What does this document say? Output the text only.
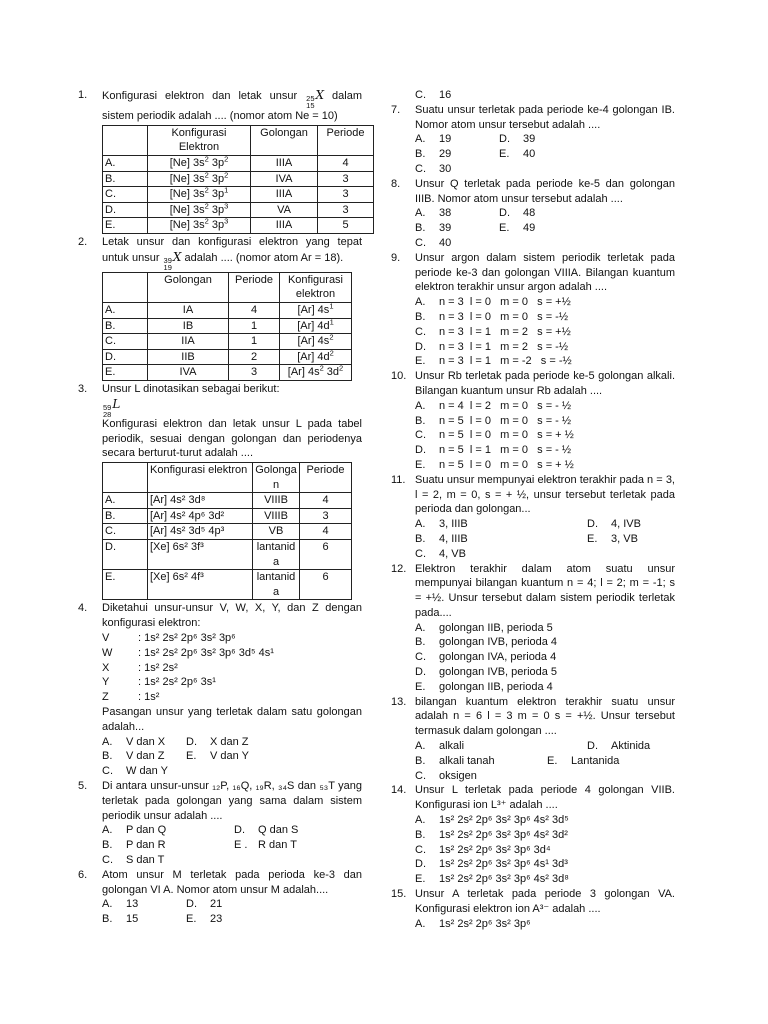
1. Konfigurasi elektron dan letak unsur 25
15
X dalam sistem periodik adalah .... (nomor atom Ne = 10)
	Konfigurasi Elektron	Golongan	Periode
A.	[Ne] $3s^2$ $3p^2$	IIIA	4
B.	[Ne] $3s^2$ $3p^2$	IVA	3
C.	[Ne] $3s^2$ $3p^1$	IIIA	3
D.	[Ne] $3s^2$ $3p^3$	VA	3
E.	[Ne] $3s^2$ $3p^3$	IIIA	5
2. Letak unsur dan konfigurasi elektron yang tepat untuk unsur 39
19
X adalah .... (nomor atom Ar = 18).
	Golongan	Periode	Konfigurasi elektron
A.	IA	4	[Ar] $4s^1$
B.	IB	1	[Ar] $4d^1$
C.	IIA	1	[Ar] $4s^2$
D.	IIB	2	[Ar] $4d^2$
E.	IVA	3	[Ar] $4s^2$ $3d^2$
3. Unsur L dinotasikan sebagai berikut:
59
28
L
Konfigurasi elektron dan letak unsur L pada tabel periodik, sesuai dengan golongan dan periodenya secara berturut-turut adalah ....
	Konfigurasi elektron	Golongan	Periode
A.	[Ar] 4s² 3d⁸	VIIIB	4
B.	[Ar] 4s² 4p⁶ 3d²	VIIIB	3
C.	[Ar] 4s² 3d⁵ 4p³	VB	4
D.	[Xe] 6s² 3f³	lantanida	6
E.	[Xe] 6s² 4f³	lantanida	6
4. Diketahui unsur-unsur V, W, X, Y, dan Z dengan konfigurasi elektron:
V	: 1s² 2s² 2p⁶ 3s² 3p⁶
W	: 1s² 2s² 2p⁶ 3s² 3p⁶ 3d⁵ 4s¹
X	: 1s² 2s²
Y	: 1s² 2s² 2p⁶ 3s¹
Z	: 1s²
Pasangan unsur yang terletak dalam satu golongan adalah...
A.	V dan X	D.	X dan Z
B.	V dan Z	E.	V dan Y
C.	W dan Y
5. Di antara unsur-unsur ₁₂P, ₁₆Q, ₁₉R, ₃₄S dan ₅₃T yang terletak pada golongan yang sama dalam sistem periodik unsur adalah ....
A.	P dan Q	D.	Q dan S
B.	P dan R	E . R dan T
C.	S dan T
6. Atom unsur M terletak pada perioda ke-3 dan golongan VI A. Nomor atom unsur M adalah....
A.	13	D.	21
B.	15	E.	23
C.	16
7. Suatu unsur terletak pada periode ke-4 golongan IB. Nomor atom unsur tersebut adalah ....
A.	19	D.	39
B.	29	E.	40
C.	30
8. Unsur Q terletak pada periode ke-5 dan golongan IIIB. Nomor atom unsur tersebut adalah ....
A.	38	D.	48
B.	39	E.	49
C.	40
9. Unsur argon dalam sistem periodik terletak pada periode ke-3 dan golongan VIIIA. Bilangan kuantum elektron terakhir unsur argon adalah ....
A.	n = 3  l = 0   m = 0   s = +½
B.	n = 3  l = 0   m = 0   s = -½
C.	n = 3  l = 1   m = 2   s = +½
D.	n = 3  l = 1   m = 2   s = -½
E.	n = 3  l = 1   m = -2   s = -½
10. Unsur Rb terletak pada periode ke-5 golongan alkali. Bilangan kuantum unsur Rb adalah ....
A.	n = 4  l = 2   m = 0   s = - ½
B.	n = 5  l = 0   m = 0   s = - ½
C.	n = 5  l = 0   m = 0   s = + ½
D.	n = 5  l = 1   m = 0   s = - ½
E.	n = 5  l = 0   m = 0   s = + ½
11. Suatu unsur mempunyai elektron terakhir pada n = 3, l = 2, m = 0, s = + ½, unsur tersebut terletak pada perioda dan golongan...
A.	3, IIIB	D.	4, IVB
B.	4, IIIB	E.	3, VB
C.	4, VB
12. Elektron terakhir dalam atom suatu unsur mempunyai bilangan kuantum n = 4; l = 2; m = -1; s = +½. Unsur tersebut dalam sistem periodik terletak pada....
A.	golongan IIB, perioda 5
B.	golongan IVB, perioda 4
C.	golongan IVA, perioda 4
D.	golongan IVB, perioda 5
E.	golongan IIB, perioda 4
13. bilangan kuantum elektron terakhir suatu unsur adalah n = 6 l = 3 m = 0 s = +½. Unsur tersebut termasuk dalam golongan ....
A.	alkali	D.	Aktinida
B.	alkali tanah	E.	Lantanida
C.	oksigen
14. Unsur L terletak pada periode 4 golongan VIIB. Konfigurasi ion L³⁺ adalah ....
A.	1s² 2s² 2p⁶ 3s² 3p⁶ 4s² 3d⁵
B.	1s² 2s² 2p⁶ 3s² 3p⁶ 4s² 3d²
C.	1s² 2s² 2p⁶ 3s² 3p⁶ 3d⁴
D.	1s² 2s² 2p⁶ 3s² 3p⁶ 4s¹ 3d³
E.	1s² 2s² 2p⁶ 3s² 3p⁶ 4s² 3d⁸
15. Unsur A terletak pada periode 3 golongan VA. Konfigurasi elektron ion A³⁻ adalah ....
A.	1s² 2s² 2p⁶ 3s² 3p⁶
